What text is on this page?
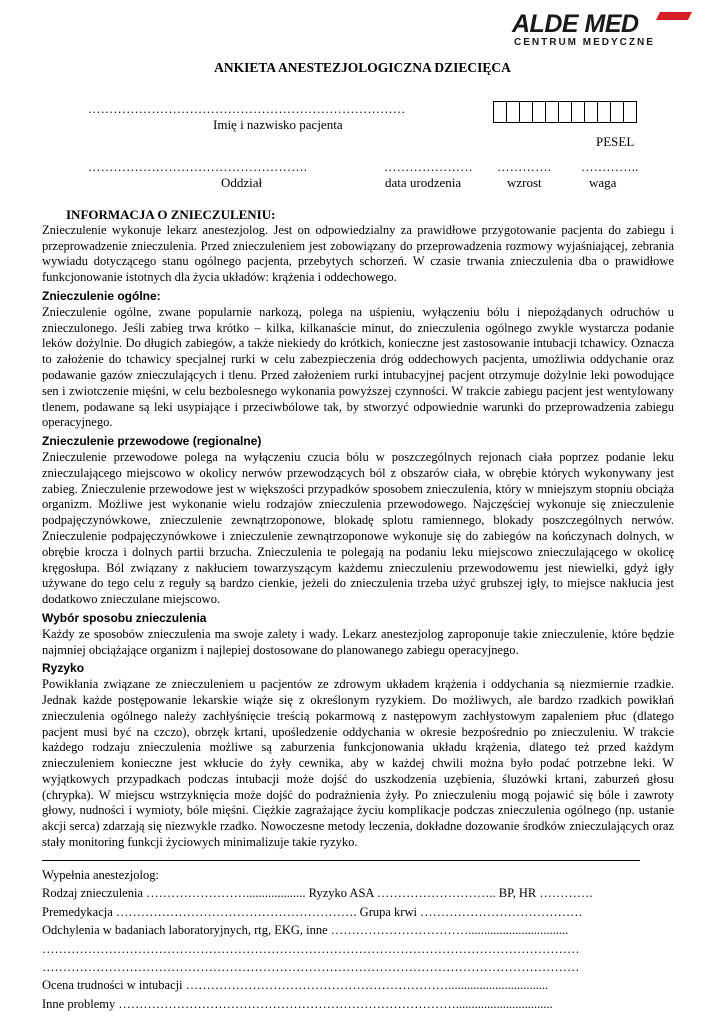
ALDE MED
CENTRUM MEDYCZNE
ANKIETA ANESTEZJOLOGICZNA DZIECIĘCA
…………………………………………………………………
Imię i nazwisko pacjenta
PESEL
…………………………………………….
Oddział
…………………
data urodzenia
………….
wzrost
…………..
waga
INFORMACJA O ZNIECZULENIU:

Znieczulenie wykonuje lekarz anestezjolog. Jest on odpowiedzialny za prawidłowe przygotowanie pacjenta do zabiegu i przeprowadzenie znieczulenia. Przed znieczuleniem jest zobowiązany do przeprowadzenia rozmowy wyjaśniającej, zebrania wywiadu dotyczącego stanu ogólnego pacjenta, przebytych schorzeń. W czasie trwania znieczulenia dba o prawidłowe funkcjonowanie istotnych dla życia układów: krążenia i oddechowego.

Znieczulenie ogólne:

Znieczulenie ogólne, zwane popularnie narkozą, polega na uśpieniu, wyłączeniu bólu i niepożądanych odruchów u znieczulonego. Jeśli zabieg trwa krótko – kilka, kilkanaście minut, do znieczulenia ogólnego zwykle wystarcza podanie leków dożylnie. Do długich zabiegów, a także niekiedy do krótkich, konieczne jest zastosowanie intubacji tchawicy. Oznacza to założenie do tchawicy specjalnej rurki w celu zabezpieczenia dróg oddechowych pacjenta, umożliwia oddychanie oraz podawanie gazów znieczulających i tlenu. Przed założeniem rurki intubacyjnej pacjent otrzymuje dożylnie leki powodujące sen i zwiotczenie mięśni, w celu bezbolesnego wykonania powyższej czynności. W trakcie zabiegu pacjent jest wentylowany tlenem, podawane są leki usypiające i przeciwbólowe tak, by stworzyć odpowiednie warunki do przeprowadzenia zabiegu operacyjnego.

Znieczulenie przewodowe (regionalne)

Znieczulenie przewodowe polega na wyłączeniu czucia bólu w poszczególnych rejonach ciała poprzez podanie leku znieczulającego miejscowo w okolicy nerwów przewodzących ból z obszarów ciała, w obrębie których wykonywany jest zabieg. Znieczulenie przewodowe jest w większości przypadków sposobem znieczulenia, który w mniejszym stopniu obciąża organizm. Możliwe jest wykonanie wielu rodzajów znieczulenia przewodowego. Najczęściej wykonuje się znieczulenie podpajęczynówkowe, znieczulenie zewnątrzoponowe, blokadę splotu ramiennego, blokady poszczególnych nerwów. Znieczulenie podpajęczynówkowe i znieczulenie zewnątrzoponowe wykonuje się do zabiegów na kończynach dolnych, w obrębie krocza i dolnych partii brzucha. Znieczulenia te polegają na podaniu leku miejscowo znieczulającego w okolicę kręgosłupa. Ból związany z nakłuciem towarzyszącym każdemu znieczuleniu przewodowemu jest niewielki, gdyż igły używane do tego celu z reguły są bardzo cienkie, jeżeli do znieczulenia trzeba użyć grubszej igły, to miejsce nakłucia jest dodatkowo znieczulane miejscowo.

Wybór sposobu znieczulenia

Każdy ze sposobów znieczulenia ma swoje zalety i wady. Lekarz anestezjolog zaproponuje takie znieczulenie, które będzie najmniej obciążające organizm i najlepiej dostosowane do planowanego zabiegu operacyjnego.

Ryzyko

Powikłania związane ze znieczuleniem u pacjentów ze zdrowym układem krążenia i oddychania są niezmiernie rzadkie. Jednak każde postępowanie lekarskie wiąże się z określonym ryzykiem. Do możliwych, ale bardzo rzadkich powikłań znieczulenia ogólnego należy zachłyśnięcie treścią pokarmową z następowym zachłystowym zapaleniem płuc (dlatego pacjent musi być na czczo), obrzęk krtani, upośledzenie oddychania w okresie bezpośrednio po znieczuleniu. W trakcie każdego rodzaju znieczulenia możliwe są zaburzenia funkcjonowania układu krążenia, dlatego też przed każdym znieczuleniem konieczne jest wkłucie do żyły cewnika, aby w każdej chwili można było podać potrzebne leki. W wyjątkowych przypadkach podczas intubacji może dojść do uszkodzenia uzębienia, śluzówki krtani, zaburzeń głosu (chrypka). W miejscu wstrzyknięcia może dojść do podrażnienia żyły. Po znieczuleniu mogą pojawić się bóle i zawroty głowy, nudności i wymioty, bóle mięśni. Ciężkie zagrażające życiu komplikacje podczas znieczulenia ogólnego (np. ustanie akcji serca) zdarzają się niezwykle rzadko. Nowoczesne metody leczenia, dokładne dozowanie środków znieczulających oraz stały monitoring funkcji życiowych minimalizuje takie ryzyko.

Wypełnia anestezjolog:
Rodzaj znieczulenia ……………………................... Ryzyko ASA ……………………….. BP, HR ………….
Premedykacja …………………………………………………. Grupa krwi …………………………………
Odchylenia w badaniach laboratoryjnych, rtg, EKG, inne ……………………………................................
…………………………………………………………………………………………………………………
…………………………………………………………………………………………………………………
Ocena trudności w intubacji ………………………………………………………................................
Inne problemy ………………………………………………………………………...............................
